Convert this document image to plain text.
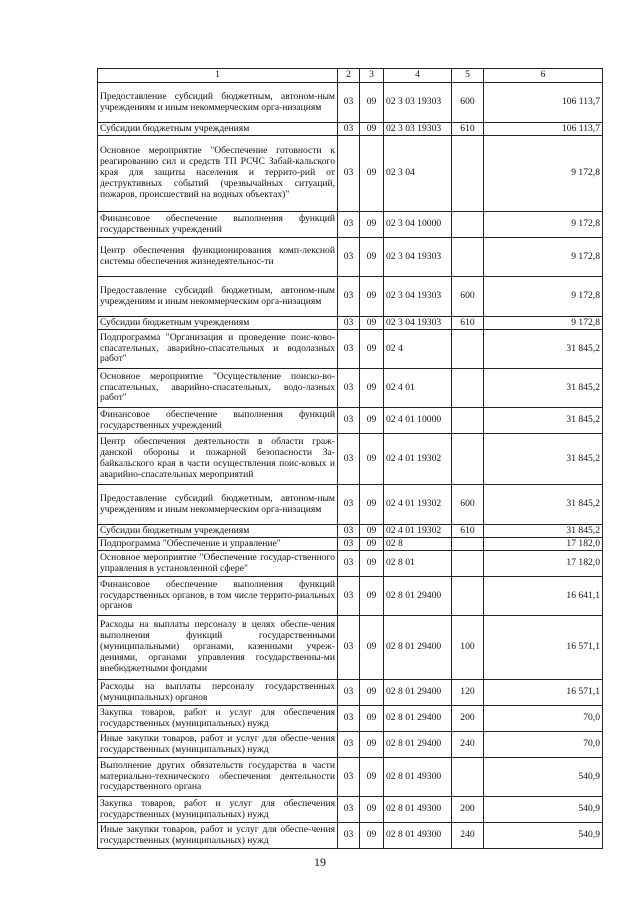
1	2	3	4	5	6
Предоставление субсидий бюджетным, автоном-ным учреждениям и иным некоммерческим орга-низациям	03	09	02 3 03 19303	600	106 113,7
Субсидии бюджетным учреждениям	03	09	02 3 03 19303	610	106 113,7
Основное мероприятие "Обеспечение готовности к реагированию сил и средств ТП РСЧС Забай-кальского края для защиты населения и террито-рий от деструктивных событий (чрезвычайных ситуаций, пожаров, происшествий на водных объектах)"	03	09	02 3 04		9 172,8
Финансовое обеспечение выполнения функций государственных учреждений	03	09	02 3 04 10000		9 172,8
Центр обеспечения функционирования комп-лексной системы обеспечения жизнедеятельнос-ти	03	09	02 3 04 19303		9 172,8
Предоставление субсидий бюджетным, автоном-ным учреждениям и иным некоммерческим орга-низациям	03	09	02 3 04 19303	600	9 172,8
Субсидии бюджетным учреждениям	03	09	02 3 04 19303	610	9 172,8
Подпрограмма "Организация и проведение поис-ково-спасательных, аварийно-спасательных и водолазных работ"	03	09	02 4		31 845,2
Основное мероприятие "Осуществление поиско-во-спасательных, аварийно-спасательных, водо-лазных работ"	03	09	02 4 01		31 845,2
Финансовое обеспечение выполнения функций государственных учреждений	03	09	02 4 01 10000		31 845,2
Центр обеспечения деятельности в области граж-данской обороны и пожарной безопасности За-байкальского края в части осуществления поис-ковых и аварийно-спасательных мероприятий	03	09	02 4 01 19302		31 845,2
Предоставление субсидий бюджетным, автоном-ным учреждениям и иным некоммерческим орга-низациям	03	09	02 4 01 19302	600	31 845,2
Субсидии бюджетным учреждениям	03	09	02 4 01 19302	610	31 845,2
Подпрограмма "Обеспечение и управление"	03	09	02 8		17 182,0
Основное мероприятие "Обеспечение государ-ственного управления в установленной сфере"	03	09	02 8 01		17 182,0
Финансовое обеспечение выполнения функций государственных органов, в том числе террито-риальных органов	03	09	02 8 01 29400		16 641,1
Расходы на выплаты персоналу в целях обеспе-чения выполнения функций государственными (муниципальными) органами, казенными учреж-дениями, органами управления государственны-ми внебюджетными фондами	03	09	02 8 01 29400	100	16 571,1
Расходы на выплаты персоналу государственных (муниципальных) органов	03	09	02 8 01 29400	120	16 571,1
Закупка товаров, работ и услуг для обеспечения государственных (муниципальных) нужд	03	09	02 8 01 29400	200	70,0
Иные закупки товаров, работ и услуг для обеспе-чения государственных (муниципальных) нужд	03	09	02 8 01 29400	240	70,0
Выполнение других обязательств государства в части материально-технического обеспечения деятельности государственного органа	03	09	02 8 01 49300		540,9
Закупка товаров, работ и услуг для обеспечения государственных (муниципальных) нужд	03	09	02 8 01 49300	200	540,9
Иные закупки товаров, работ и услуг для обеспе-чения государственных (муниципальных) нужд	03	09	02 8 01 49300	240	540,9
19
